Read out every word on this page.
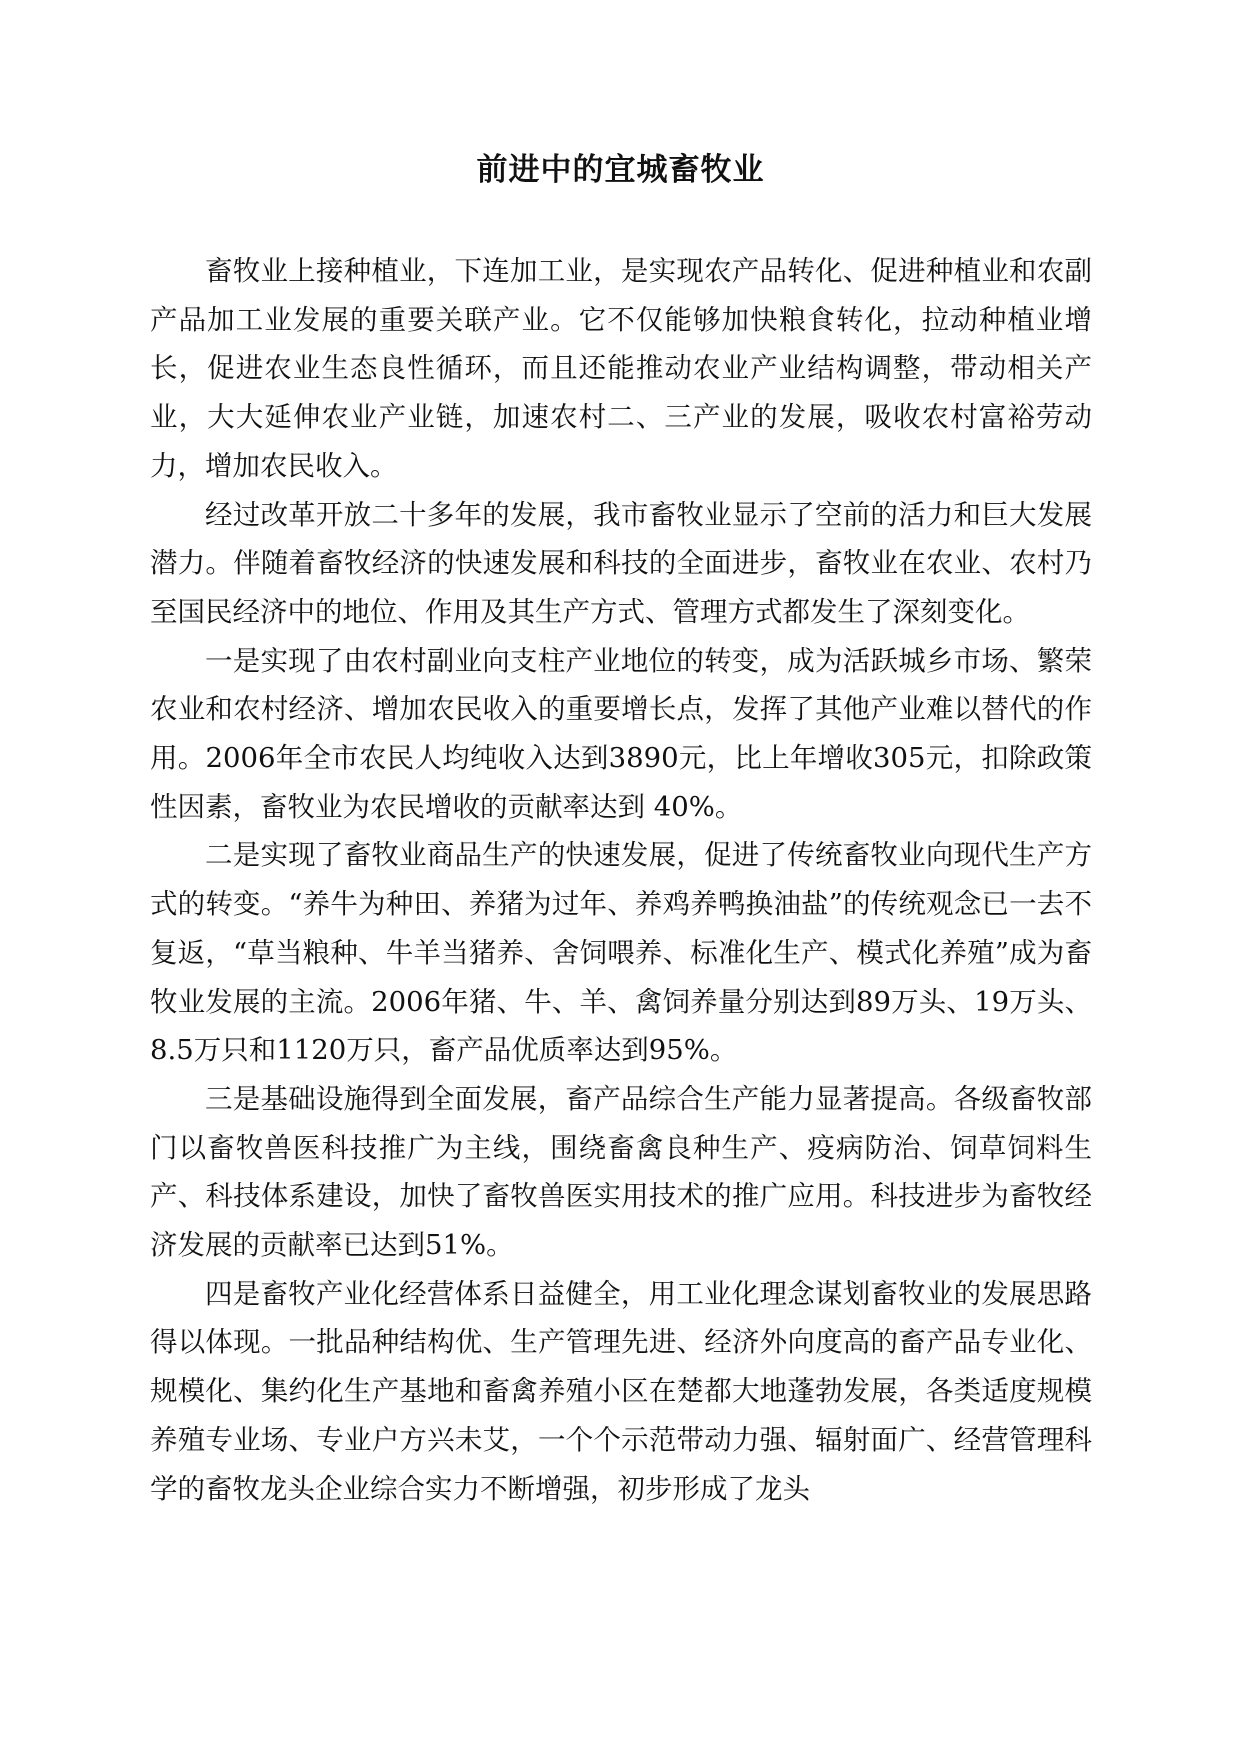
前进中的宜城畜牧业

畜牧业上接种植业，下连加工业，是实现农产品转化、促进种植业和农副产品加工业发展的重要关联产业。它不仅能够加快粮食转化，拉动种植业增长，促进农业生态良性循环，而且还能推动农业产业结构调整，带动相关产业，大大延伸农业产业链，加速农村二、三产业的发展，吸收农村富裕劳动力，增加农民收入。

经过改革开放二十多年的发展，我市畜牧业显示了空前的活力和巨大发展潜力。伴随着畜牧经济的快速发展和科技的全面进步，畜牧业在农业、农村乃至国民经济中的地位、作用及其生产方式、管理方式都发生了深刻变化。

一是实现了由农村副业向支柱产业地位的转变，成为活跃城乡市场、繁荣农业和农村经济、增加农民收入的重要增长点，发挥了其他产业难以替代的作用。2006年全市农民人均纯收入达到3890元，比上年增收305元，扣除政策性因素，畜牧业为农民增收的贡献率达到 40%。

二是实现了畜牧业商品生产的快速发展，促进了传统畜牧业向现代生产方式的转变。“养牛为种田、养猪为过年、养鸡养鸭换油盐”的传统观念已一去不复返，“草当粮种、牛羊当猪养、舍饲喂养、标准化生产、模式化养殖”成为畜牧业发展的主流。2006年猪、牛、羊、禽饲养量分别达到89万头、19万头、8.5万只和1120万只，畜产品优质率达到95%。

三是基础设施得到全面发展，畜产品综合生产能力显著提高。各级畜牧部门以畜牧兽医科技推广为主线，围绕畜禽良种生产、疫病防治、饲草饲料生产、科技体系建设，加快了畜牧兽医实用技术的推广应用。科技进步为畜牧经济发展的贡献率已达到51%。

四是畜牧产业化经营体系日益健全，用工业化理念谋划畜牧业的发展思路得以体现。一批品种结构优、生产管理先进、经济外向度高的畜产品专业化、规模化、集约化生产基地和畜禽养殖小区在楚都大地蓬勃发展，各类适度规模养殖专业场、专业户方兴未艾，一个个示范带动力强、辐射面广、经营管理科学的畜牧龙头企业综合实力不断增强，初步形成了龙头
